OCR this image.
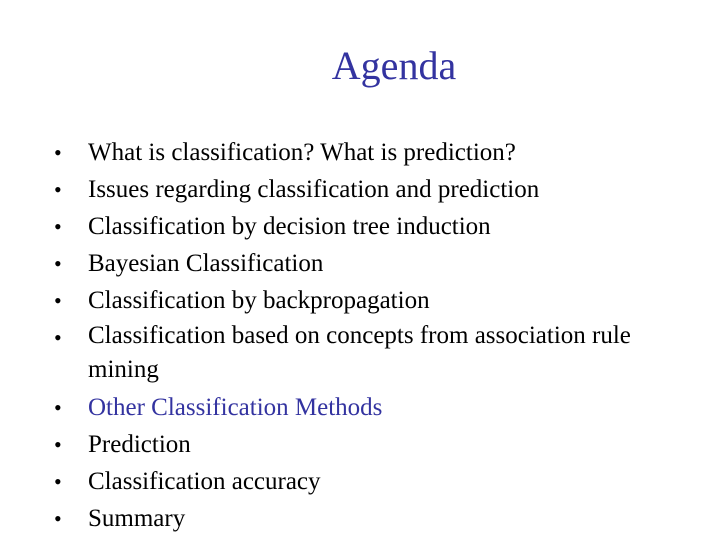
Agenda
•	What is classification? What is prediction?
•	Issues regarding classification and prediction
•	Classification by decision tree induction
•	Bayesian Classification
•	Classification by backpropagation
•	Classification based on concepts from association rule mining
•	Other Classification Methods
•	Prediction
•	Classification accuracy
•	Summary
